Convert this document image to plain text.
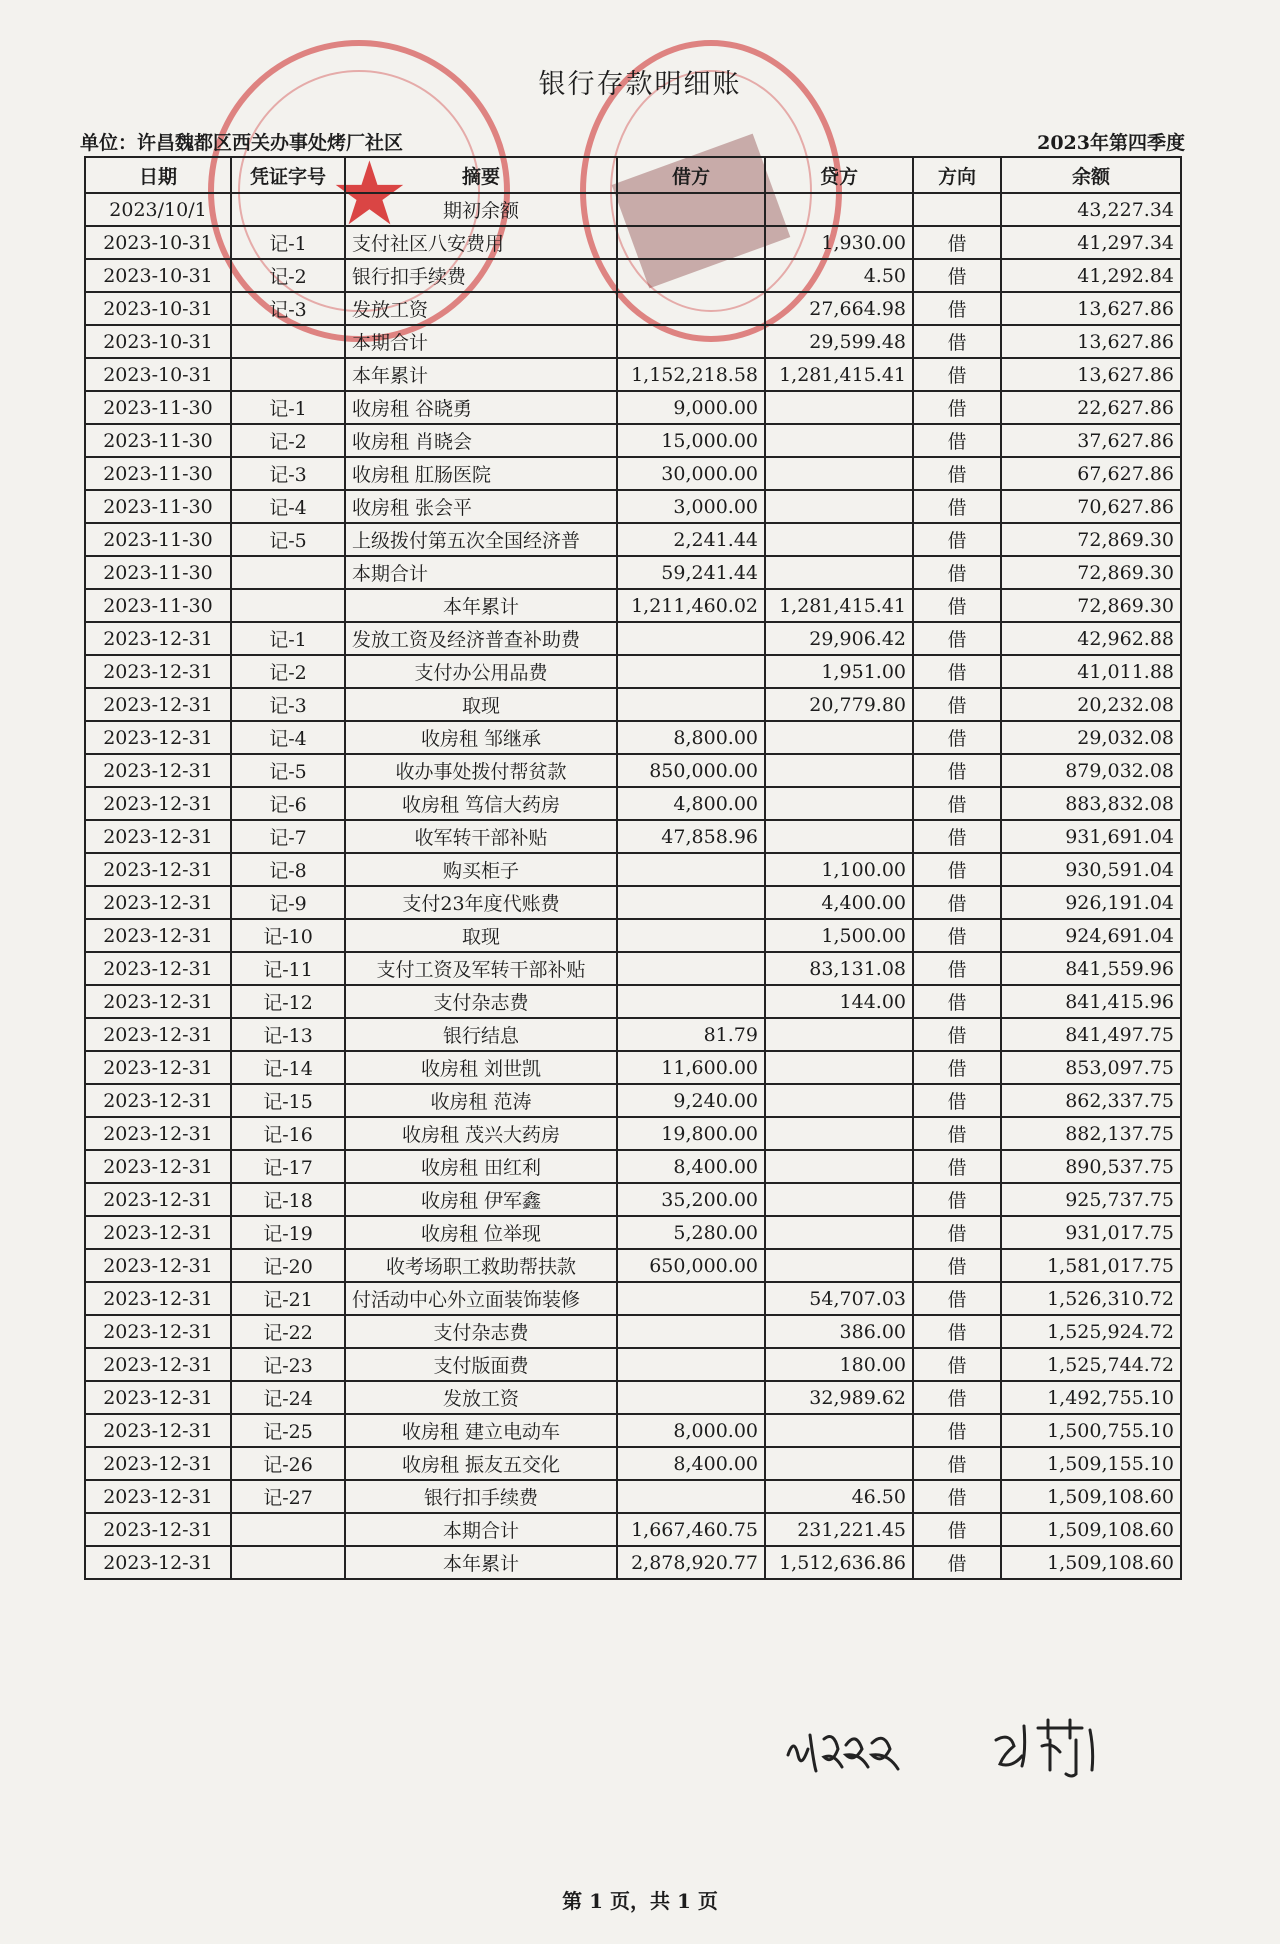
★
银行存款明细账
单位：许昌魏都区西关办事处烤厂社区	2023年第四季度
日期	凭证字号	摘要	借方	贷方	方向	余额
2023/10/1		期初余额				43,227.34
2023-10-31	记-1	支付社区八安费用		1,930.00	借	41,297.34
2023-10-31	记-2	银行扣手续费		4.50	借	41,292.84
2023-10-31	记-3	发放工资		27,664.98	借	13,627.86
2023-10-31		本期合计		29,599.48	借	13,627.86
2023-10-31		本年累计	1,152,218.58	1,281,415.41	借	13,627.86
2023-11-30	记-1	收房租 谷晓勇	9,000.00		借	22,627.86
2023-11-30	记-2	收房租 肖晓会	15,000.00		借	37,627.86
2023-11-30	记-3	收房租 肛肠医院	30,000.00		借	67,627.86
2023-11-30	记-4	收房租 张会平	3,000.00		借	70,627.86
2023-11-30	记-5	上级拨付第五次全国经济普	2,241.44		借	72,869.30
2023-11-30		本期合计	59,241.44		借	72,869.30
2023-11-30		本年累计	1,211,460.02	1,281,415.41	借	72,869.30
2023-12-31	记-1	发放工资及经济普查补助费		29,906.42	借	42,962.88
2023-12-31	记-2	支付办公用品费		1,951.00	借	41,011.88
2023-12-31	记-3	取现		20,779.80	借	20,232.08
2023-12-31	记-4	收房租 邹继承	8,800.00		借	29,032.08
2023-12-31	记-5	收办事处拨付帮贫款	850,000.00		借	879,032.08
2023-12-31	记-6	收房租 笃信大药房	4,800.00		借	883,832.08
2023-12-31	记-7	收军转干部补贴	47,858.96		借	931,691.04
2023-12-31	记-8	购买柜子		1,100.00	借	930,591.04
2023-12-31	记-9	支付23年度代账费		4,400.00	借	926,191.04
2023-12-31	记-10	取现		1,500.00	借	924,691.04
2023-12-31	记-11	支付工资及军转干部补贴		83,131.08	借	841,559.96
2023-12-31	记-12	支付杂志费		144.00	借	841,415.96
2023-12-31	记-13	银行结息	81.79		借	841,497.75
2023-12-31	记-14	收房租 刘世凯	11,600.00		借	853,097.75
2023-12-31	记-15	收房租 范涛	9,240.00		借	862,337.75
2023-12-31	记-16	收房租 茂兴大药房	19,800.00		借	882,137.75
2023-12-31	记-17	收房租 田红利	8,400.00		借	890,537.75
2023-12-31	记-18	收房租 伊军鑫	35,200.00		借	925,737.75
2023-12-31	记-19	收房租 位举现	5,280.00		借	931,017.75
2023-12-31	记-20	收考场职工救助帮扶款	650,000.00		借	1,581,017.75
2023-12-31	记-21	付活动中心外立面装饰装修		54,707.03	借	1,526,310.72
2023-12-31	记-22	支付杂志费		386.00	借	1,525,924.72
2023-12-31	记-23	支付版面费		180.00	借	1,525,744.72
2023-12-31	记-24	发放工资		32,989.62	借	1,492,755.10
2023-12-31	记-25	收房租 建立电动车	8,000.00		借	1,500,755.10
2023-12-31	记-26	收房租 振友五交化	8,400.00		借	1,509,155.10
2023-12-31	记-27	银行扣手续费		46.50	借	1,509,108.60
2023-12-31		本期合计	1,667,460.75	231,221.45	借	1,509,108.60
2023-12-31		本年累计	2,878,920.77	1,512,636.86	借	1,509,108.60
第 1 页，共 1 页
